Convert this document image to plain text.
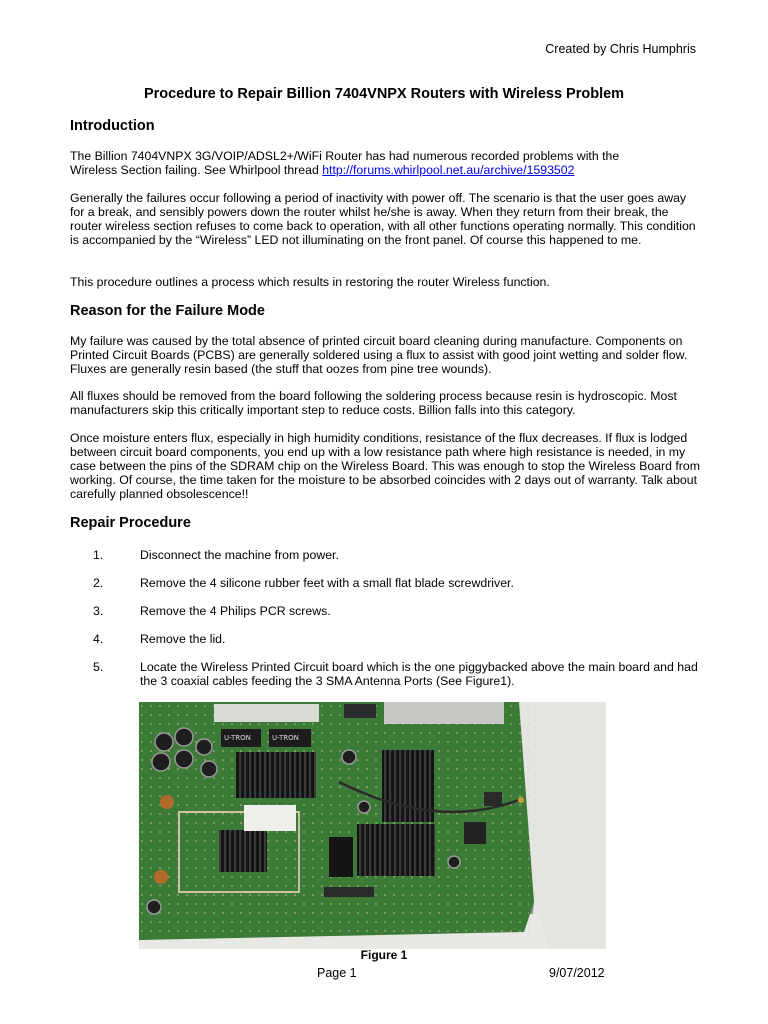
Created by Chris Humphris
Procedure to Repair Billion 7404VNPX Routers with Wireless Problem
Introduction

The Billion 7404VNPX 3G/VOIP/ADSL2+/WiFi Router has had numerous recorded problems with the
Wireless Section failing. See Whirlpool thread http://forums.whirlpool.net.au/archive/1593502

Generally the failures occur following a period of inactivity with power off. The scenario is that the user goes away for a break, and sensibly powers down the router whilst he/she is away. When they return from their break, the router wireless section refuses to come back to operation, with all other functions operating normally. This condition is accompanied by the “Wireless” LED not illuminating on the front panel. Of course this happened to me.

This procedure outlines a process which results in restoring the router Wireless function.

Reason for the Failure Mode

My failure was caused by the total absence of printed circuit board cleaning during manufacture. Components on Printed Circuit Boards (PCBS) are generally soldered using a flux to assist with good joint wetting and solder flow. Fluxes are generally resin based (the stuff that oozes from pine tree wounds).

All fluxes should be removed from the board following the soldering process because resin is hydroscopic. Most manufacturers skip this critically important step to reduce costs. Billion falls into this category.

Once moisture enters flux, especially in high humidity conditions, resistance of the flux decreases. If flux is lodged between circuit board components, you end up with a low resistance path where high resistance is needed, in my case between the pins of the SDRAM chip on the Wireless Board. This was enough to stop the Wireless Board from working. Of course, the time taken for the moisture to be absorbed coincides with 2 days out of warranty. Talk about carefully planned obsolescence!!

Repair Procedure
1.	Disconnect the machine from power.
2.	Remove the 4 silicone rubber feet with a small flat blade screwdriver.
3.	Remove the 4 Philips PCR screws.
4.	Remove the lid.
5.	Locate the Wireless Printed Circuit board which is the one piggybacked above the main board and had the 3 coaxial cables feeding the 3 SMA Antenna Ports (See Figure1).
U-TRON	U-TRON
Figure 1
Page 1	9/07/2012
